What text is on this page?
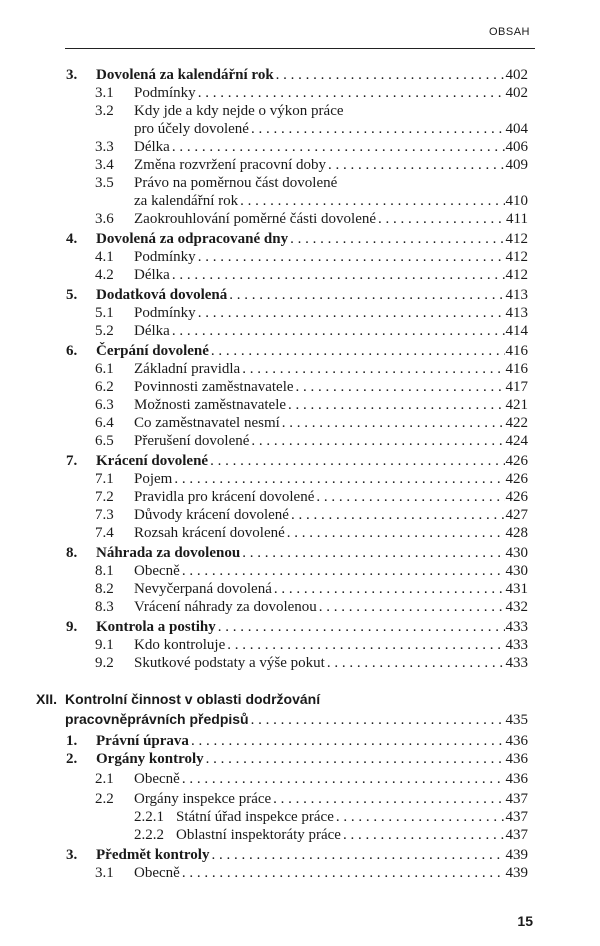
OBSAH
3. Dovolená za kalendářní rok . . .	402
3.1 Podmínky . . .	402
3.2 Kdy jde a kdy nejde o výkon práce
pro účely dovolené . . .	404
3.3 Délka . . .	406
3.4 Změna rozvržení pracovní doby . . .	409
3.5 Právo na poměrnou část dovolené
za kalendářní rok . . .	410
3.6 Zaokrouhlování poměrné části dovolené . . .	411
4. Dovolená za odpracované dny . . .	412
4.1 Podmínky . . .	412
4.2 Délka . . .	412
5. Dodatková dovolená . . .	413
5.1 Podmínky . . .	413
5.2 Délka . . .	414
6. Čerpání dovolené . . .	416
6.1 Základní pravidla . . .	416
6.2 Povinnosti zaměstnavatele . . .	417
6.3 Možnosti zaměstnavatele . . .	421
6.4 Co zaměstnavatel nesmí . . .	422
6.5 Přerušení dovolené . . .	424
7. Krácení dovolené . . .	426
7.1 Pojem . . .	426
7.2 Pravidla pro krácení dovolené . . .	426
7.3 Důvody krácení dovolené . . .	427
7.4 Rozsah krácení dovolené . . .	428
8. Náhrada za dovolenou . . .	430
8.1 Obecně . . .	430
8.2 Nevyčerpaná dovolená . . .	431
8.3 Vrácení náhrady za dovolenou . . .	432
9. Kontrola a postihy . . .	433
9.1 Kdo kontroluje . . .	433
9.2 Skutkové podstaty a výše pokut . . .	433
XII. Kontrolní činnost v oblasti dodržování
pracovněprávních předpisů . . .	435
1. Právní úprava . . .	436
2. Orgány kontroly . . .	436
2.1 Obecně . . .	436
2.2 Orgány inspekce práce . . .	437
2.2.1 Státní úřad inspekce práce . . .	437
2.2.2 Oblastní inspektoráty práce . . .	437
3. Předmět kontroly . . .	439
3.1 Obecně . . .	439
15
